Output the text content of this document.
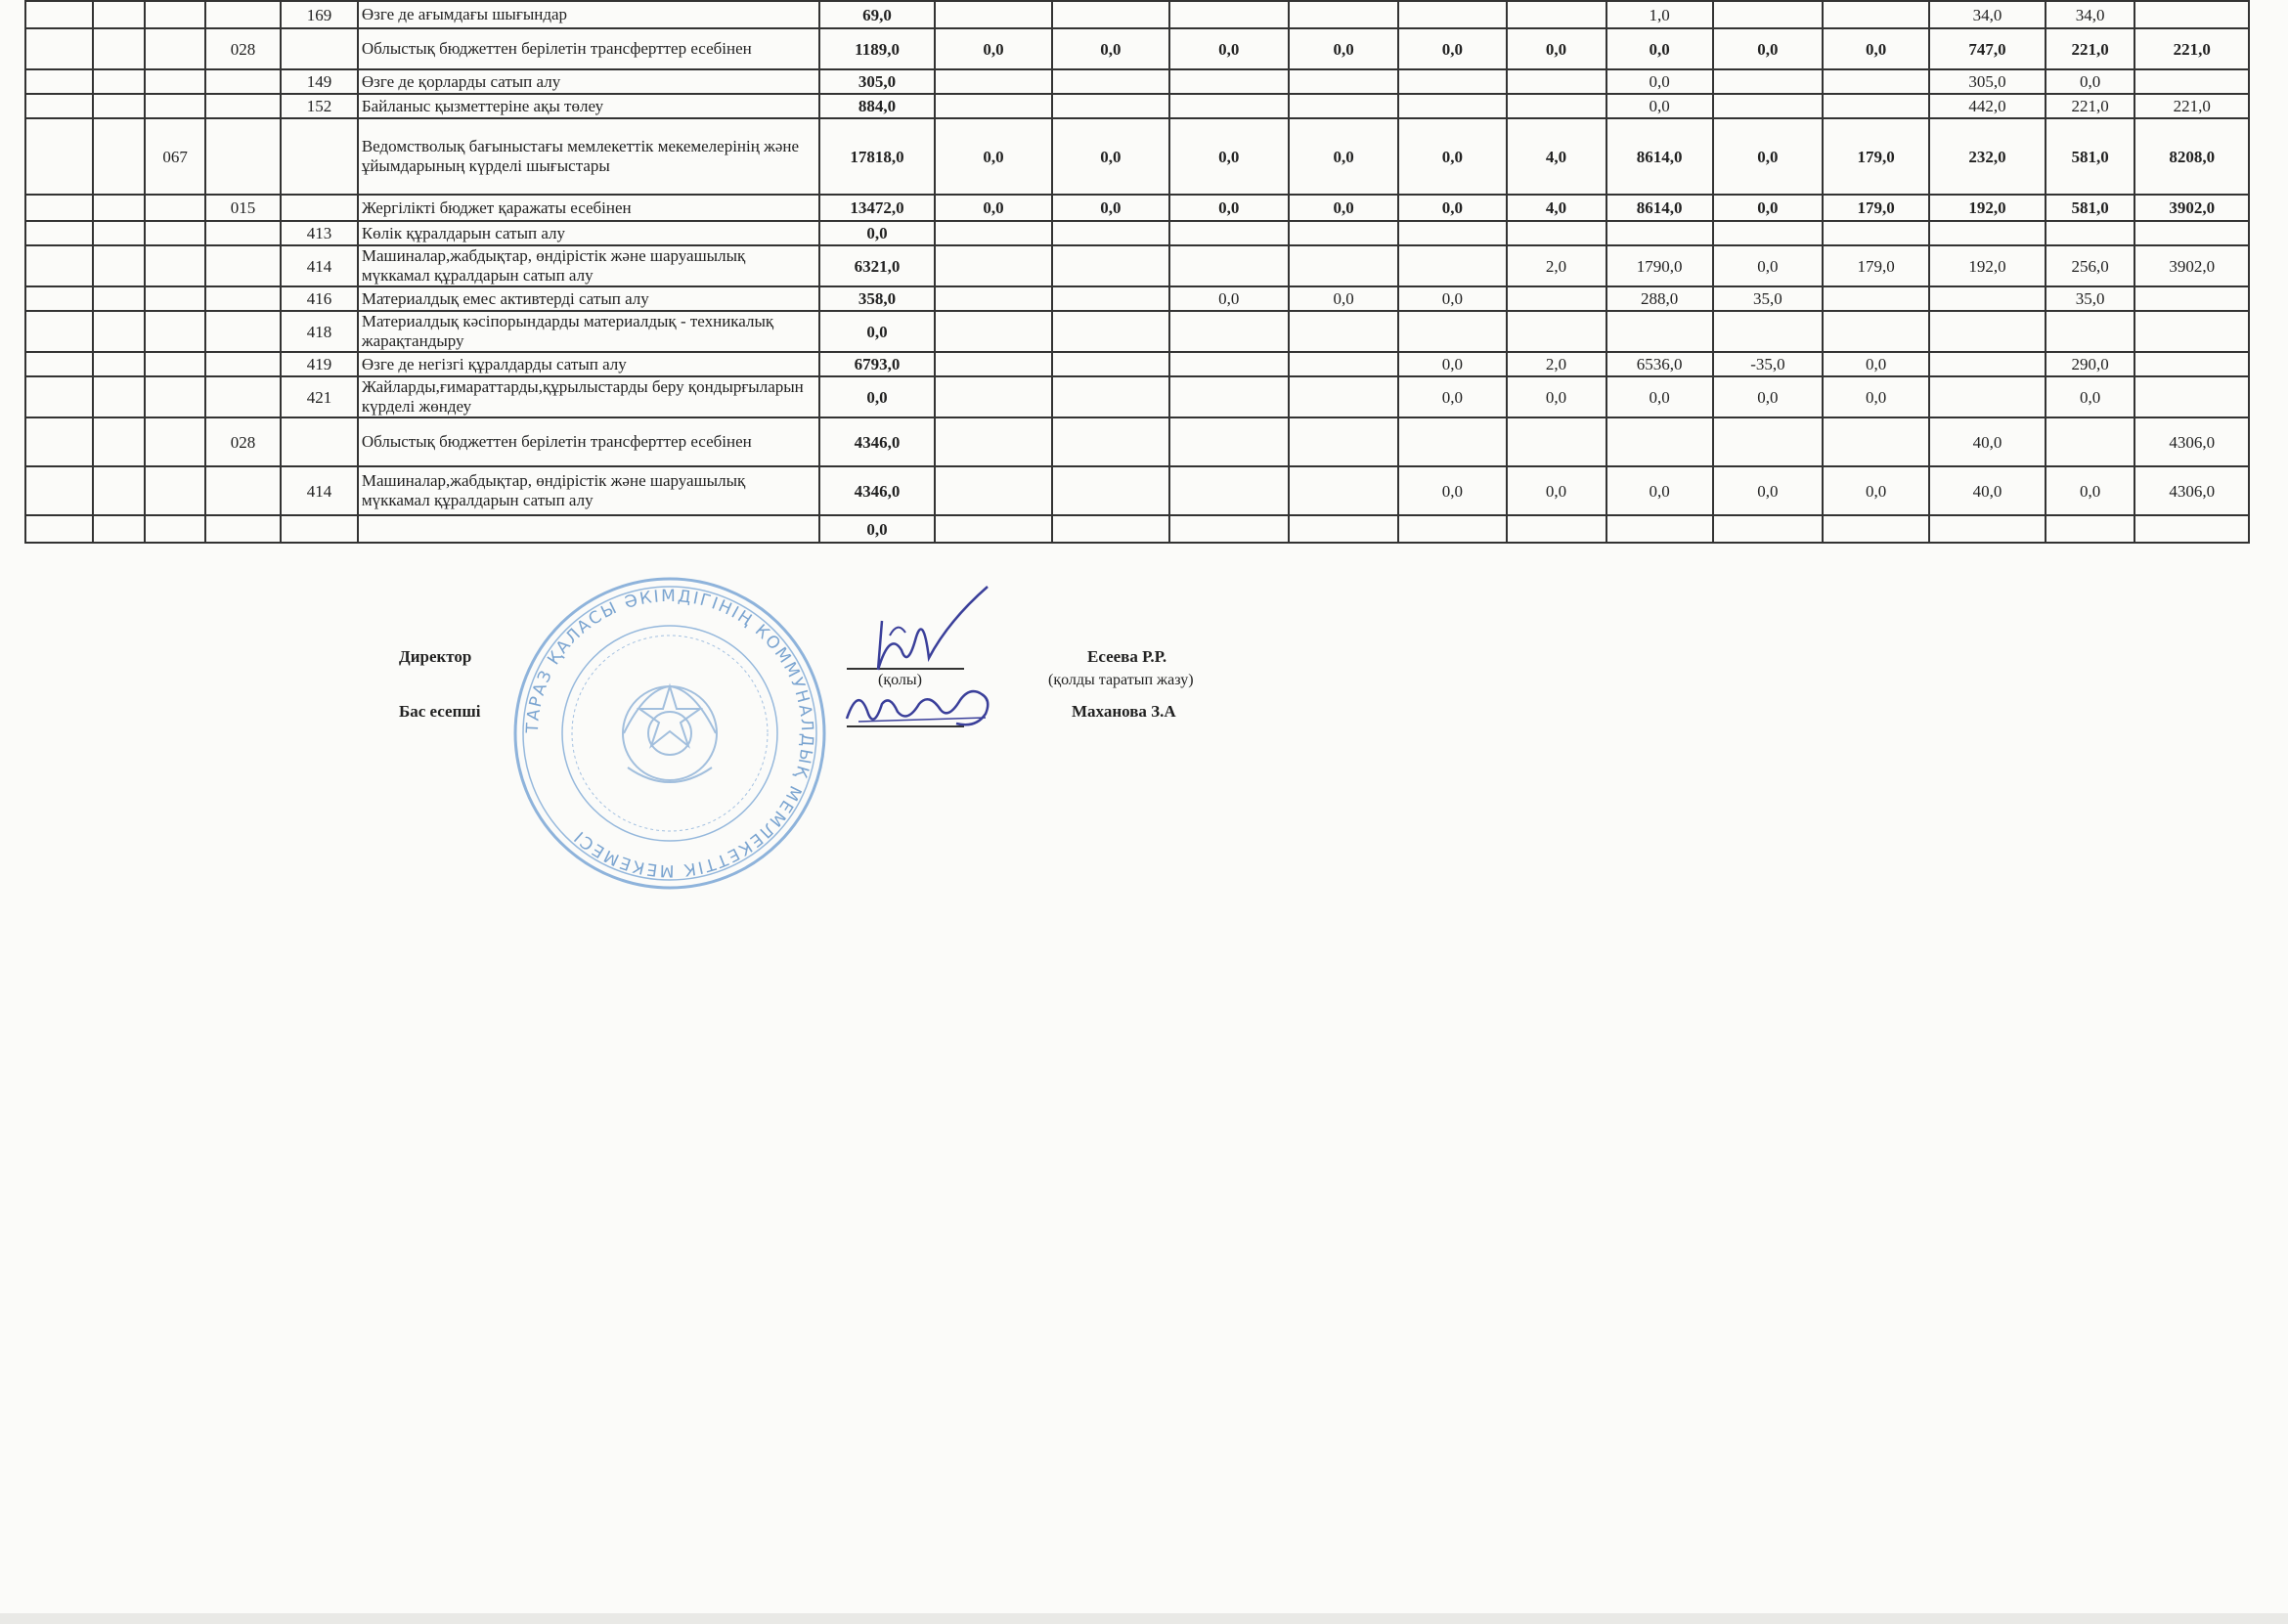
				169	Өзге де ағымдағы шығындар	69,0							1,0			34,0	34,0	
			028		Облыстық бюджеттен берілетін трансферттер есебінен	1189,0	0,0	0,0	0,0	0,0	0,0	0,0	0,0	0,0	0,0	747,0	221,0	221,0
				149	Өзге де қорларды сатып алу	305,0							0,0			305,0	0,0	
				152	Байланыс қызметтеріне ақы төлеу	884,0							0,0			442,0	221,0	221,0
		067			Ведомстволық бағыныстағы мемлекеттік мекемелерінің және ұйымдарының күрделі шығыстары	17818,0	0,0	0,0	0,0	0,0	0,0	4,0	8614,0	0,0	179,0	232,0	581,0	8208,0
			015		Жергілікті бюджет қаражаты есебінен	13472,0	0,0	0,0	0,0	0,0	0,0	4,0	8614,0	0,0	179,0	192,0	581,0	3902,0
				413	Көлік құралдарын сатып алу	0,0												
				414	Машиналар,жабдықтар, өндірістік және шаруашылық мүккамал құралдарын сатып алу	6321,0						2,0	1790,0	0,0	179,0	192,0	256,0	3902,0
				416	Материалдық емес активтерді сатып алу	358,0			0,0	0,0	0,0		288,0	35,0			35,0	
				418	Материалдық кәсіпорындарды материалдық - техникалық жарақтандыру	0,0												
				419	Өзге де негізгі құралдарды сатып алу	6793,0					0,0	2,0	6536,0	-35,0	0,0		290,0	
				421	Жайларды,ғимараттарды,құрылыстарды беру қондырғыларын күрделі жөндеу	0,0					0,0	0,0	0,0	0,0	0,0		0,0	
			028		Облыстық бюджеттен берілетін трансферттер есебінен	4346,0										40,0		4306,0
				414	Машиналар,жабдықтар, өндірістік және шаруашылық мүккамал құралдарын сатып алу	4346,0					0,0	0,0	0,0	0,0	0,0	40,0	0,0	4306,0
						0,0												
ТАРАЗ ҚАЛАСЫ ӘКІМДІГІНІҢ КОММУНАЛДЫҚ МЕМЛЕКЕТТІК МЕКЕМЕСІ
Директор
(қолы)
Есеева Р.Р.
(қолды таратып жазу)
Бас есепші	Маханова З.А
